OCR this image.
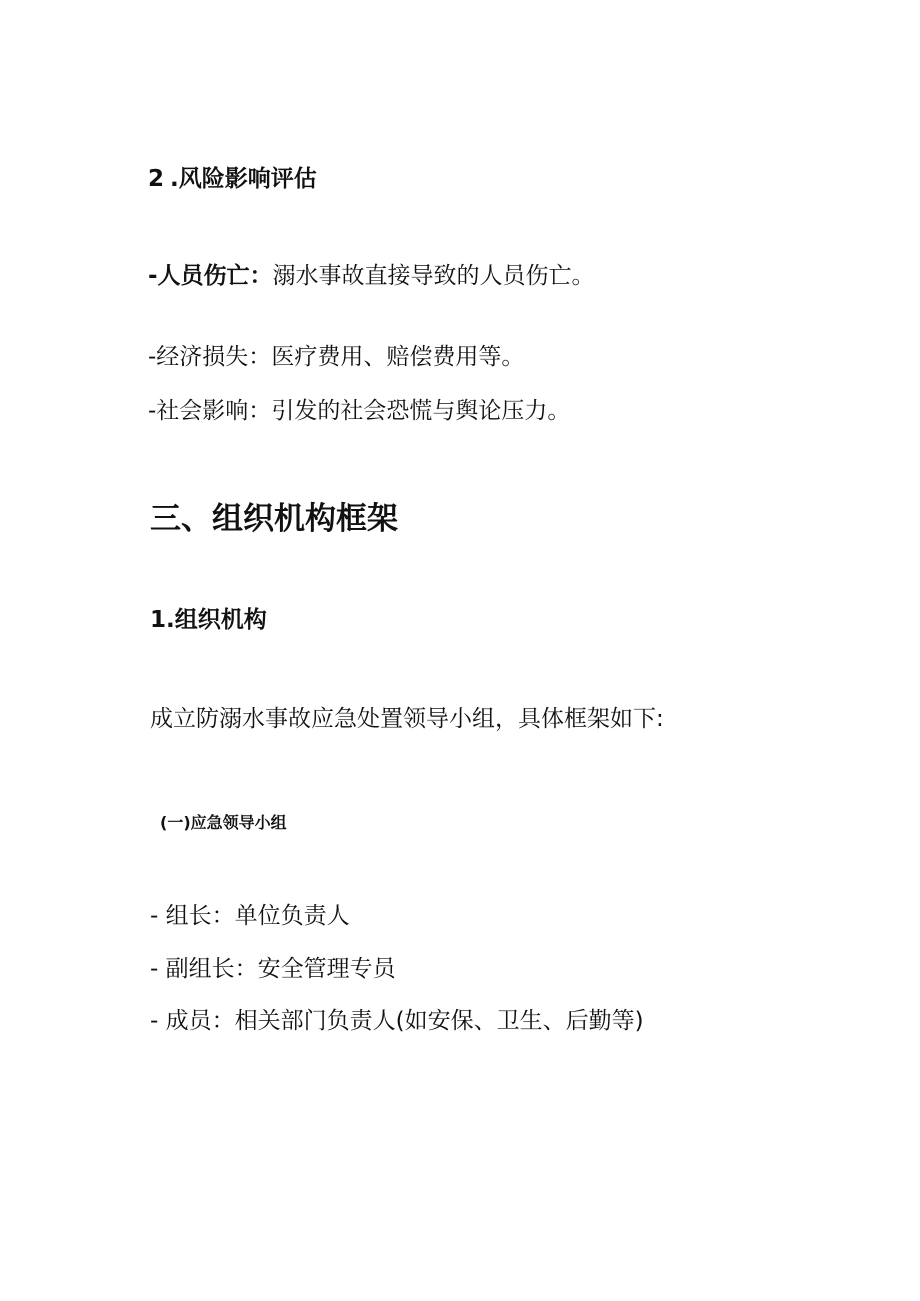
2 .风险影响评估
-人员伤亡：溺水事故直接导致的人员伤亡。
-经济损失：医疗费用、赔偿费用等。
-社会影响：引发的社会恐慌与舆论压力。
三、组织机构框架
1.组织机构
成立防溺水事故应急处置领导小组，具体框架如下:
(一)应急领导小组
- 组长：单位负责人
- 副组长：安全管理专员
- 成员：相关部门负责人(如安保、卫生、后勤等)
